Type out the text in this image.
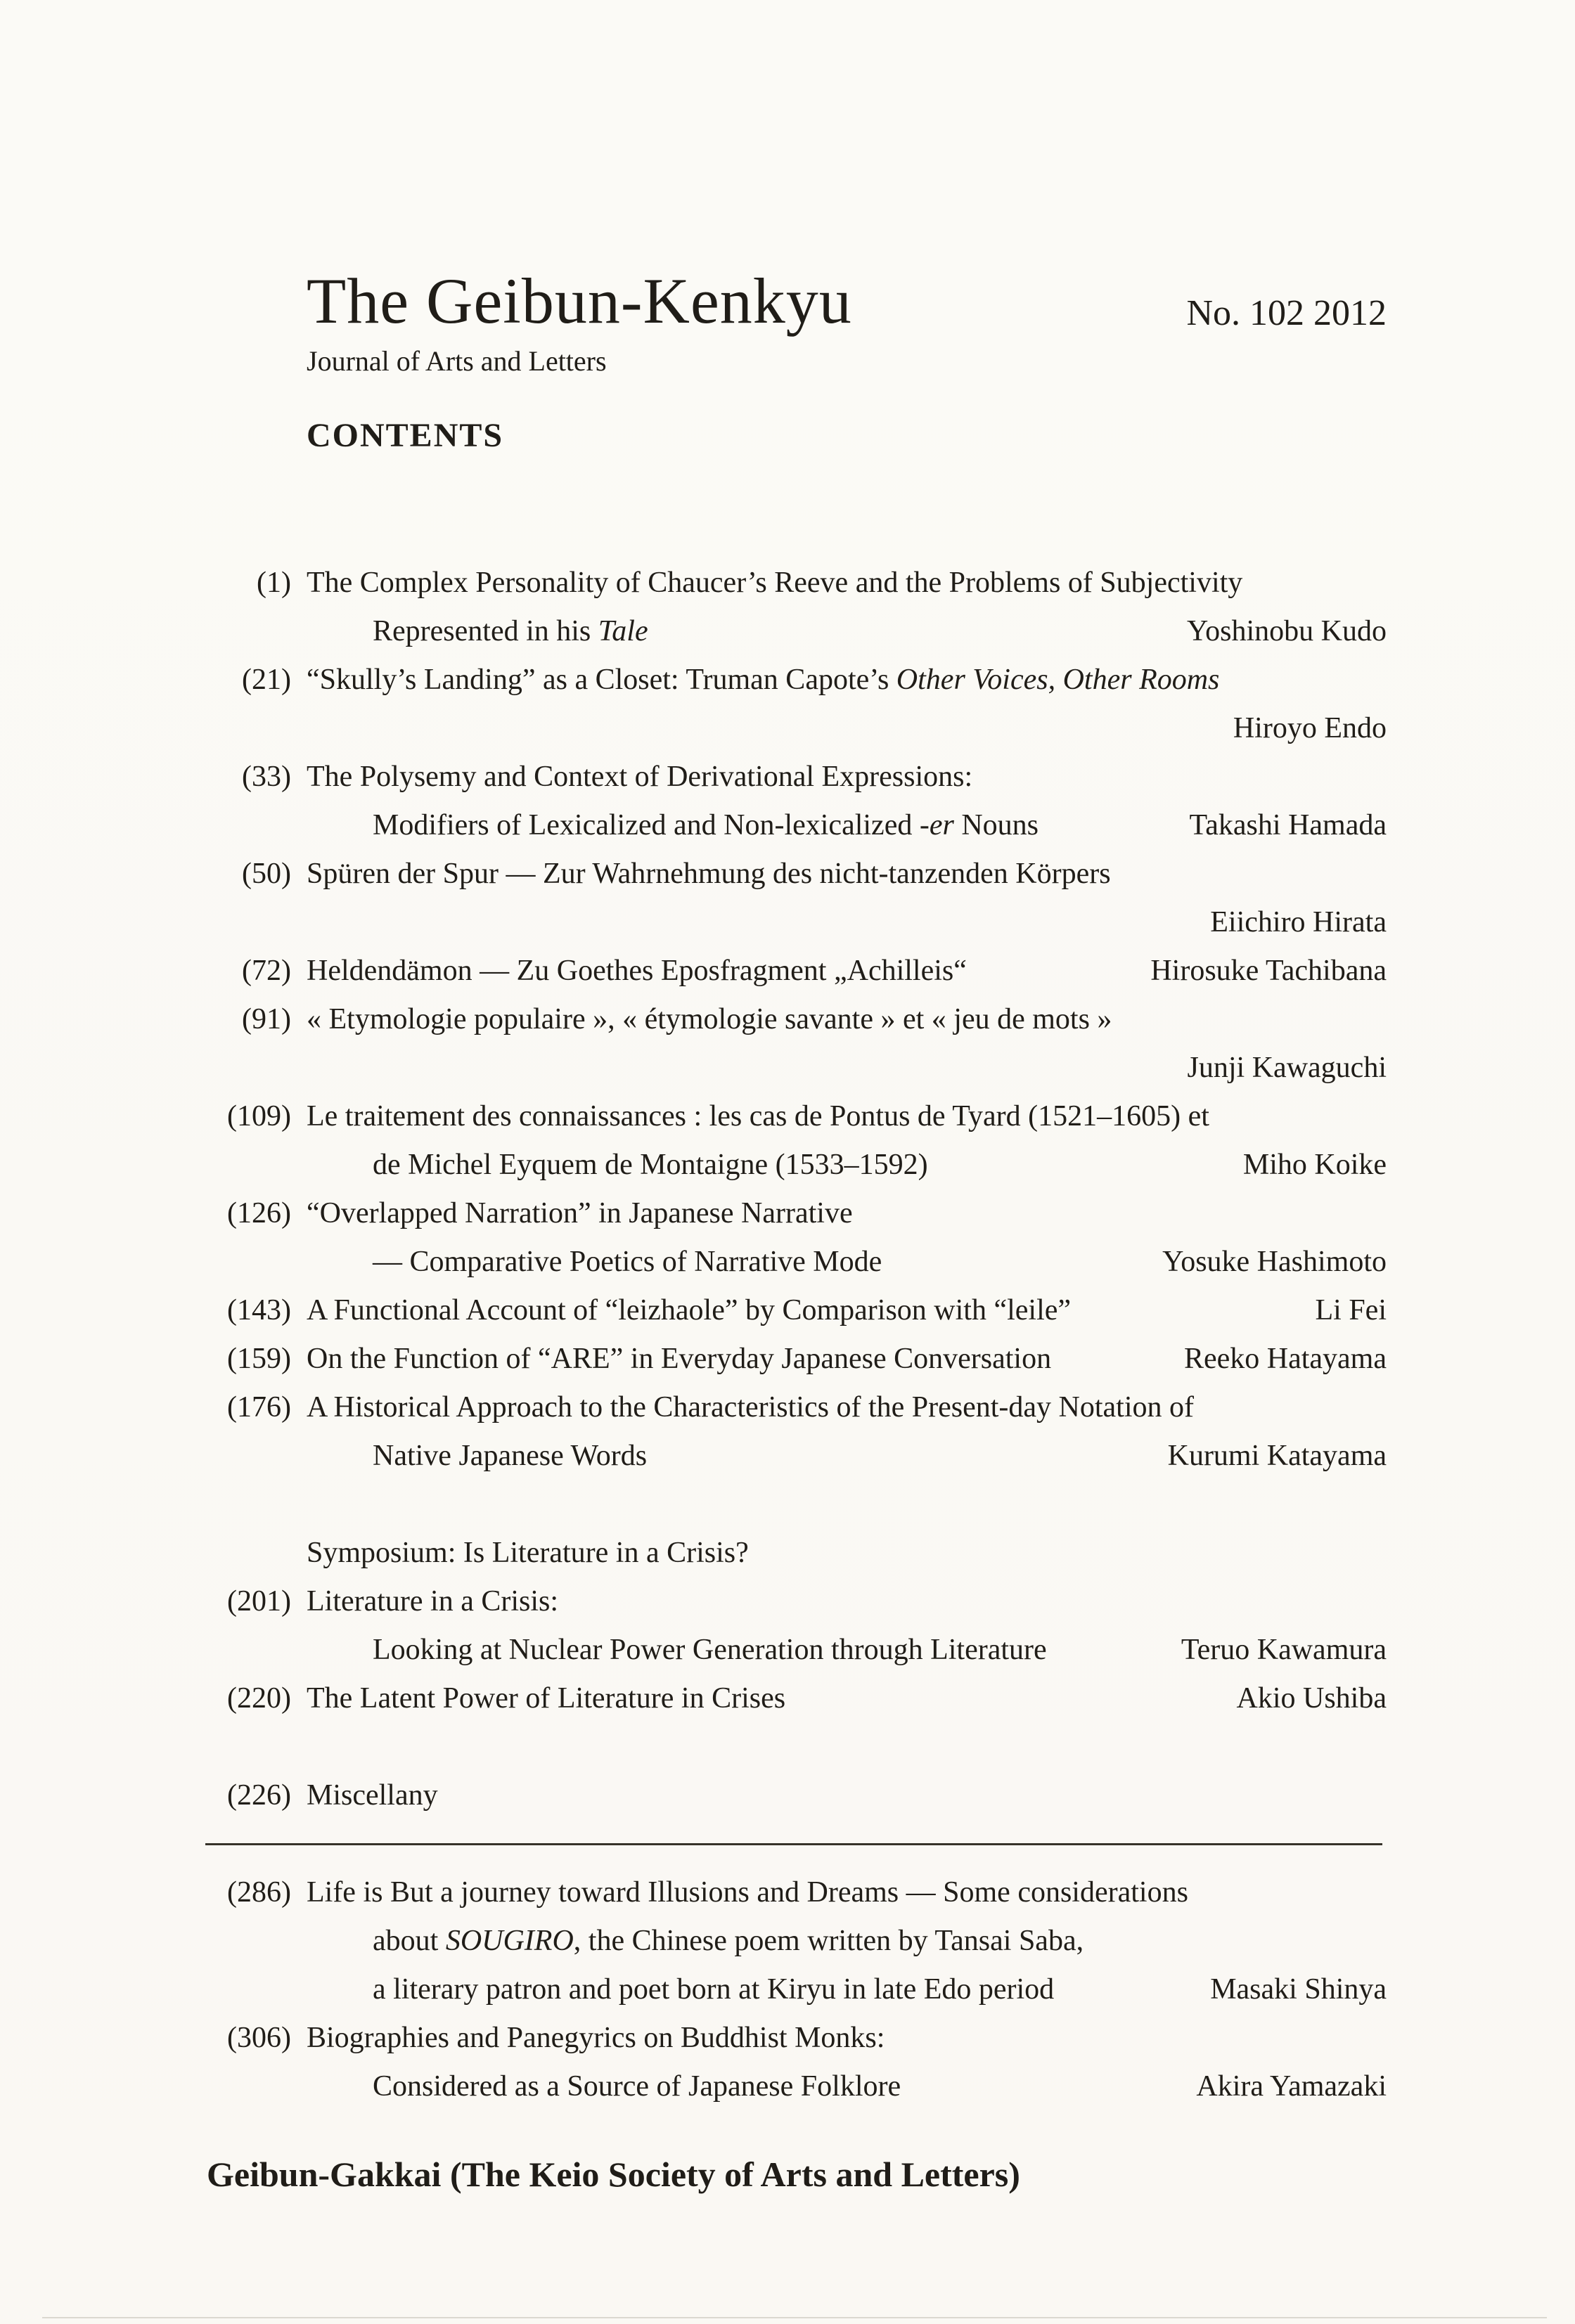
The Geibun-Kenkyu
Journal of Arts and Letters
No. 102 2012
CONTENTS
(1) The Complex Personality of Chaucer’s Reeve and the Problems of Subjectivity
Represented in his Tale	Yoshinobu Kudo
(21) “Skully’s Landing” as a Closet: Truman Capote’s Other Voices, Other Rooms
Hiroyo Endo
(33) The Polysemy and Context of Derivational Expressions:
Modifiers of Lexicalized and Non-lexicalized -er Nouns	Takashi Hamada
(50) Spüren der Spur — Zur Wahrnehmung des nicht-tanzenden Körpers
Eiichiro Hirata
(72) Heldendämon — Zu Goethes Eposfragment „Achilleis“	Hirosuke Tachibana
(91) « Etymologie populaire », « étymologie savante » et « jeu de mots »
Junji Kawaguchi
(109) Le traitement des connaissances : les cas de Pontus de Tyard (1521–1605) et
de Michel Eyquem de Montaigne (1533–1592)	Miho Koike
(126) “Overlapped Narration” in Japanese Narrative
— Comparative Poetics of Narrative Mode	Yosuke Hashimoto
(143) A Functional Account of “leizhaole” by Comparison with “leile”	Li Fei
(159) On the Function of “ARE” in Everyday Japanese Conversation	Reeko Hatayama
(176) A Historical Approach to the Characteristics of the Present-day Notation of
Native Japanese Words	Kurumi Katayama
Symposium: Is Literature in a Crisis?
(201) Literature in a Crisis:
Looking at Nuclear Power Generation through Literature	Teruo Kawamura
(220) The Latent Power of Literature in Crises	Akio Ushiba
(226) Miscellany
(286) Life is But a journey toward Illusions and Dreams — Some considerations
about SOUGIRO, the Chinese poem written by Tansai Saba,
a literary patron and poet born at Kiryu in late Edo period	Masaki Shinya
(306) Biographies and Panegyrics on Buddhist Monks:
Considered as a Source of Japanese Folklore	Akira Yamazaki
Geibun-Gakkai (The Keio Society of Arts and Letters)
